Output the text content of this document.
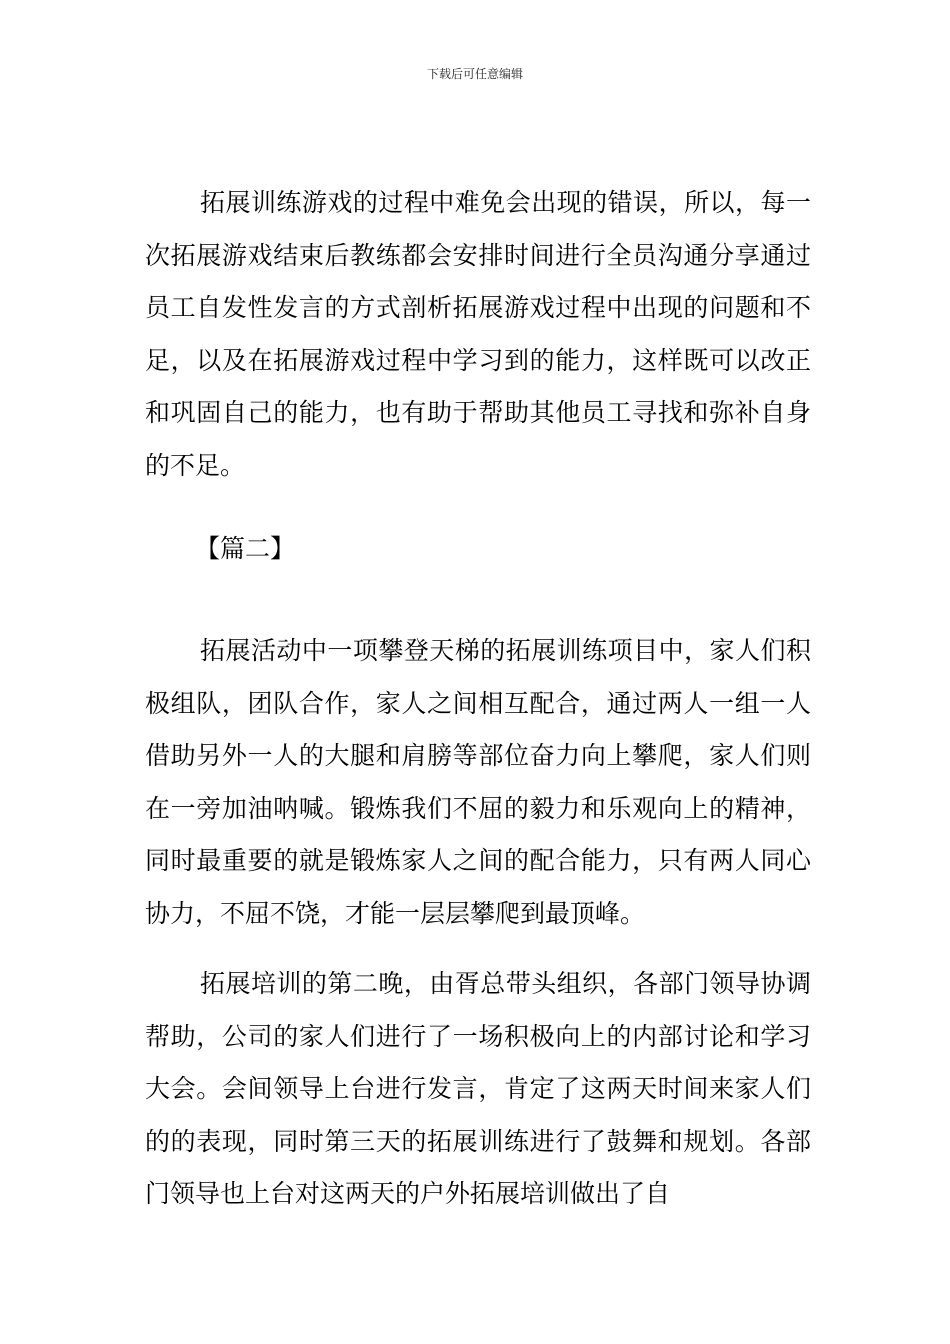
下载后可任意编辑

拓展训练游戏的过程中难免会出现的错误，所以，每一次拓展游戏结束后教练都会安排时间进行全员沟通分享通过员工自发性发言的方式剖析拓展游戏过程中出现的问题和不足，以及在拓展游戏过程中学习到的能力，这样既可以改正和巩固自己的能力，也有助于帮助其他员工寻找和弥补自身的不足。

【篇二】

拓展活动中一项攀登天梯的拓展训练项目中，家人们积极组队，团队合作，家人之间相互配合，通过两人一组一人借助另外一人的大腿和肩膀等部位奋力向上攀爬，家人们则在一旁加油呐喊。锻炼我们不屈的毅力和乐观向上的精神，同时最重要的就是锻炼家人之间的配合能力，只有两人同心协力，不屈不饶，才能一层层攀爬到最顶峰。

拓展培训的第二晚，由胥总带头组织，各部门领导协调帮助，公司的家人们进行了一场积极向上的内部讨论和学习大会。会间领导上台进行发言，肯定了这两天时间来家人们的的表现，同时第三天的拓展训练进行了鼓舞和规划。各部门领导也上台对这两天的户外拓展培训做出了自
